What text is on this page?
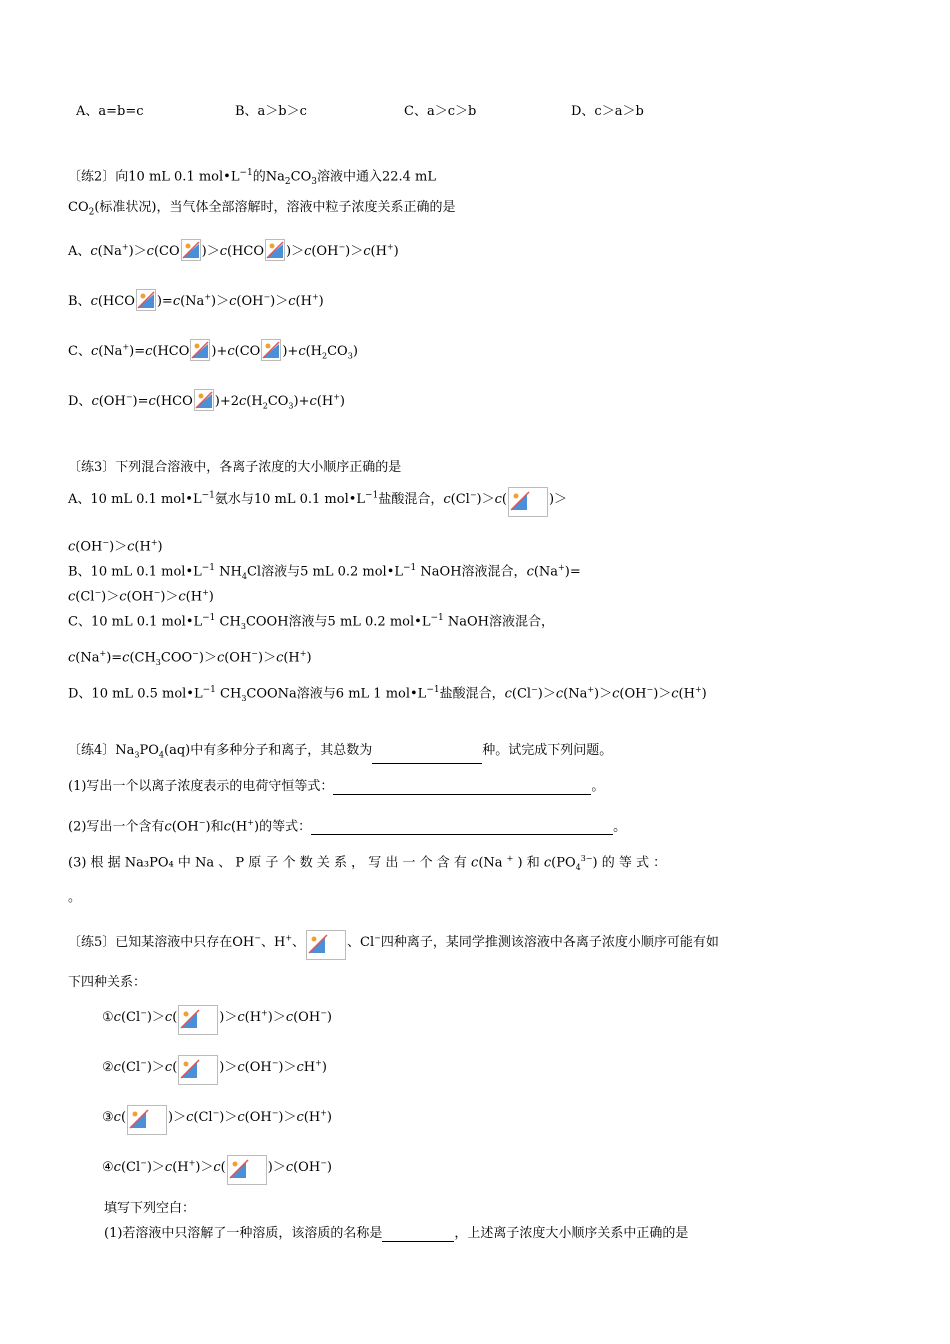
A、a=b=c	B、a＞b＞c	C、a＞c＞b	D、c＞a＞b
〔练2〕向10 mL 0.1 $mol•L^{-1}$的$Na_2CO_3$溶液中通入22.4 mL
$CO_2$(标准状况)，当气体全部溶解时，溶液中粒子浓度关系正确的是
A、c(Na+)＞c(CO )＞c(HCO )＞c(OH−)＞c(H+)
B、c(HCO )=c(Na+)＞c(OH−)＞c(H+)
C、c(Na+)=c(HCO )+c(CO )$+c(H_2CO_3)$
D、c(OH−)=c(HCO )$+2c(H_2CO_3)+c(H^+)$
〔练3〕下列混合溶液中，各离子浓度的大小顺序正确的是
A、10 mL 0.1 $mol•L^{-1}$氨水与10 mL 0.1 $mol•L^{-1}$盐酸混合，c(Cl−)＞c(	)＞
c(OH−)＞c(H+)
B、10 mL 0.1 $mol•L^{-1}$ $NH_4Cl$溶液与5 mL 0.2 $mol•L^{-1}$ NaOH溶液混合，c(Na+)=
c(Cl−)＞c(OH−)＞c(H+)
C、10 mL 0.1 $mol•L^{-1}$ $CH_3COOH$溶液与5 mL 0.2 $mol•L^{-1}$ NaOH溶液混合，
$c(Na^+)=c(CH_3COO^-)>c(OH^-)>c(H^+)$
D、10 mL 0.5 $mol•L^{-1}$ $CH_3COONa$溶液与6 mL 1 $mol•L^{-1}$盐酸混合，c(Cl−)＞c(Na+)＞c(OH−)＞c(H+)
〔练4〕$Na_3PO_4(aq)$中有多种分子和离子，其总数为	种。试完成下列问题。
(1)写出一个以离子浓度表示的电荷守恒等式：	。
(2)写出一个含有c(OH−)和c(H+)的等式：	。
(3) 根 据 Na₃PO₄ 中 Na 、 P 原 子 个 数 关 系 ， 写 出 一 个 含 有 c(Na + ) 和 $c(PO_4^{3-})$ 的 等 式 ：
。
〔练5〕已知某溶液中只存在OH−、H+、	、Cl−四种离子，某同学推测该溶液中各离子浓度小顺序可能有如
下四种关系：
①c(Cl−)＞c(	)＞c(H+)＞c(OH−)
②c(Cl−)＞c(	)＞c(OH−)＞cH+)
③c(	)＞c(Cl−)＞c(OH−)＞c(H+)
④c(Cl−)＞c(H+)＞c(	)＞c(OH−)
填写下列空白：
(1)若溶液中只溶解了一种溶质，该溶质的名称是	，上述离子浓度大小顺序关系中正确的是
